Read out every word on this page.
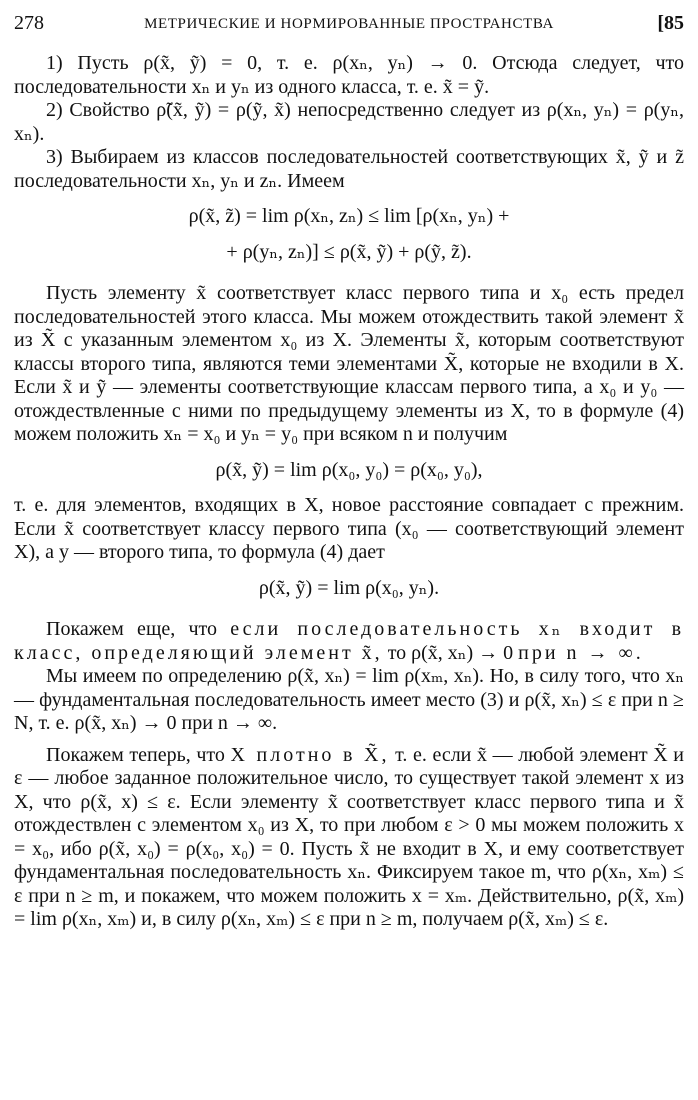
278	МЕТРИЧЕСКИЕ И НОРМИРОВАННЫЕ ПРОСТРАНСТВА	[85

1) Пусть ρ(x̃, ỹ) = 0, т. е. ρ(xₙ, yₙ) → 0. Отсюда следует, что последовательности xₙ и yₙ из одного класса, т. е. x̃ = ỹ.

2) Свойство ρ̃(x̃, ỹ) = ρ(ỹ, x̃) непосредственно следует из ρ(xₙ, yₙ) = ρ(yₙ, xₙ).

3) Выбираем из классов последовательностей соответствующих x̃, ỹ и z̃ последовательности xₙ, yₙ и zₙ. Имеем

ρ(x̃, z̃) = lim ρ(xₙ, zₙ) ≤ lim [ρ(xₙ, yₙ) +
+ ρ(yₙ, zₙ)] ≤ ρ(x̃, ỹ) + ρ(ỹ, z̃).

Пусть элементу x̃ соответствует класс первого типа и x₀ есть предел последовательностей этого класса. Мы можем отождествить такой элемент x̃ из X̃ с указанным элементом x₀ из X. Элементы x̃, которым соответствуют классы второго типа, являются теми элементами X̃, которые не входили в X. Если x̃ и ỹ — элементы соответствующие классам первого типа, а x₀ и y₀ — отождествленные с ними по предыдущему элементы из X, то в формуле (4) можем положить xₙ = x₀ и yₙ = y₀ при всяком n и получим

ρ(x̃, ỹ) = lim ρ(x₀, y₀) = ρ(x₀, y₀),

т. е. для элементов, входящих в X, новое расстояние совпадает с прежним. Если x̃ соответствует классу первого типа (x₀ — соответствующий элемент X), а y — второго типа, то формула (4) дает

ρ(x̃, ỹ) = lim ρ(x₀, yₙ).

Покажем еще, что если последовательность xₙ входит в класс, определяющий элемент x̃, то ρ(x̃, xₙ) → 0 при n → ∞.

Мы имеем по определению ρ(x̃, xₙ) = lim ρ(xₘ, xₙ). Но, в силу того, что xₙ — фундаментальная последовательность имеет место (3) и ρ(x̃, xₙ) ≤ ε при n ≥ N, т. е. ρ(x̃, xₙ) → 0 при n → ∞.

Покажем теперь, что X плотно в X̃, т. е. если x̃ — любой элемент X̃ и ε — любое заданное положительное число, то существует такой элемент x из X, что ρ(x̃, x) ≤ ε. Если элементу x̃ соответствует класс первого типа и x̃ отождествлен с элементом x₀ из X, то при любом ε > 0 мы можем положить x = x₀, ибо ρ(x̃, x₀) = ρ(x₀, x₀) = 0. Пусть x̃ не входит в X, и ему соответствует фундаментальная последовательность xₙ. Фиксируем такое m, что ρ(xₙ, xₘ) ≤ ε при n ≥ m, и покажем, что можем положить x = xₘ. Действительно, ρ(x̃, xₘ) = lim ρ(xₙ, xₘ) и, в силу ρ(xₙ, xₘ) ≤ ε при n ≥ m, получаем ρ(x̃, xₘ) ≤ ε.
